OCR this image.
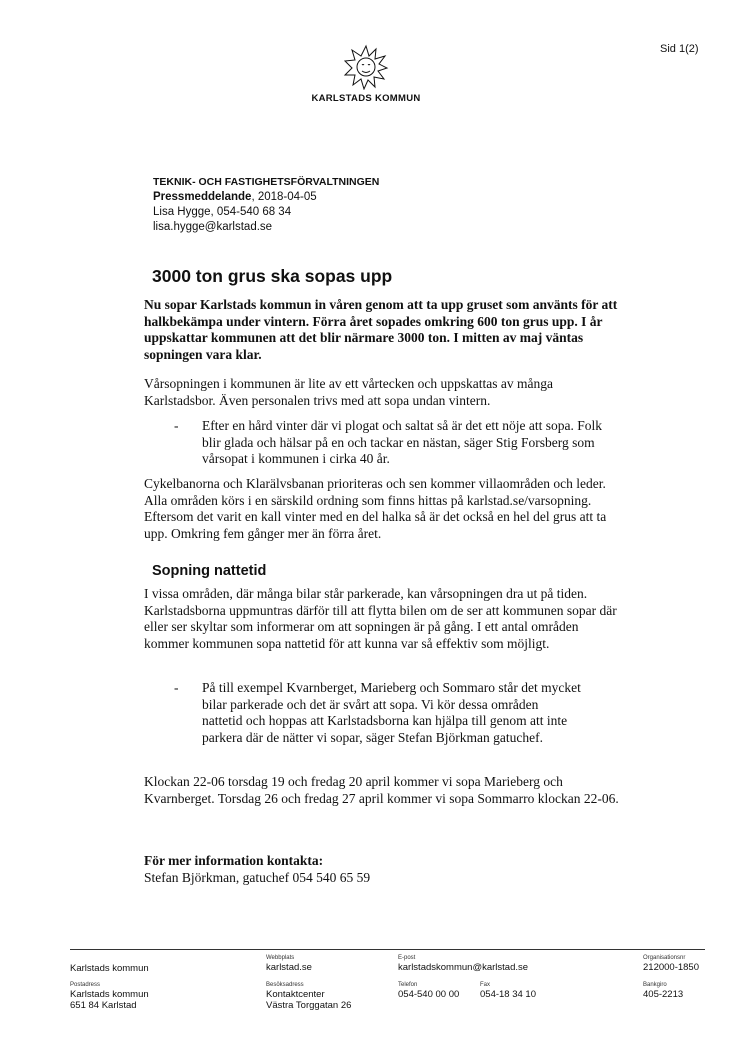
Sid 1(2)
KARLSTADS KOMMUN
TEKNIK- OCH FASTIGHETSFÖRVALTNINGEN
Pressmeddelande, 2018-04-05
Lisa Hygge, 054-540 68 34
lisa.hygge@karlstad.se
3000 ton grus ska sopas upp
Nu sopar Karlstads kommun in våren genom att ta upp gruset som använts för att halkbekämpa under vintern. Förra året sopades omkring 600 ton grus upp. I år uppskattar kommunen att det blir närmare 3000 ton. I mitten av maj väntas sopningen vara klar.
Vårsopningen i kommunen är lite av ett vårtecken och uppskattas av många Karlstadsbor. Även personalen trivs med att sopa undan vintern.
-	Efter en hård vinter där vi plogat och saltat så är det ett nöje att sopa. Folk blir glada och hälsar på en och tackar en nästan, säger Stig Forsberg som vårsopat i kommunen i cirka 40 år.
Cykelbanorna och Klarälvsbanan prioriteras och sen kommer villaområden och leder. Alla områden körs i en särskild ordning som finns hittas på karlstad.se/varsopning. Eftersom det varit en kall vinter med en del halka så är det också en hel del grus att ta upp. Omkring fem gånger mer än förra året.
Sopning nattetid
I vissa områden, där många bilar står parkerade, kan vårsopningen dra ut på tiden. Karlstadsborna uppmuntras därför till att flytta bilen om de ser att kommunen sopar där eller ser skyltar som informerar om att sopningen är på gång. I ett antal områden kommer kommunen sopa nattetid för att kunna var så effektiv som möjligt.
-	På till exempel Kvarnberget, Marieberg och Sommaro står det mycket bilar parkerade och det är svårt att sopa. Vi kör dessa områden nattetid och hoppas att Karlstadsborna kan hjälpa till genom att inte parkera där de nätter vi sopar, säger Stefan Björkman gatuchef.
Klockan 22-06 torsdag 19 och fredag 20 april kommer vi sopa Marieberg och Kvarnberget. Torsdag 26 och fredag 27 april kommer vi sopa Sommarro klockan 22-06.
För mer information kontakta:
Stefan Björkman, gatuchef 054 540 65 59
Karlstads kommun
Webbplats
karlstad.se
E-post
karlstadskommun@karlstad.se
Organisationsnr
212000-1850
Postadress
Karlstads kommun
651 84 Karlstad
Besöksadress
Kontaktcenter
Västra Torggatan 26
Telefon
054-540 00 00
Fax
054-18 34 10
Bankgiro
405-2213
